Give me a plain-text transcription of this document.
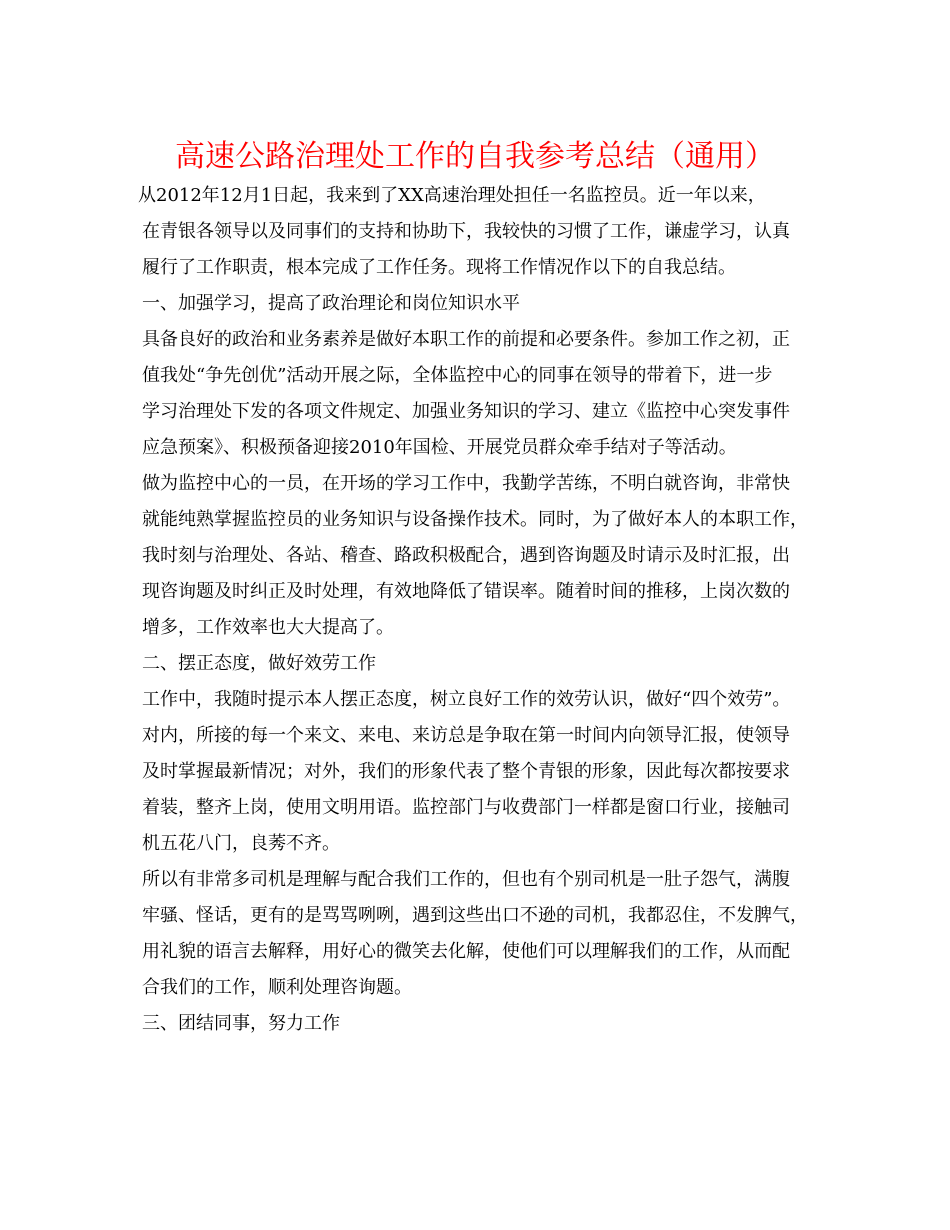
高速公路治理处工作的自我参考总结（通用）
从2012年12月1日起，我来到了XX高速治理处担任一名监控员。近一年以来，
在青银各领导以及同事们的支持和协助下，我较快的习惯了工作，谦虚学习，认真
履行了工作职责，根本完成了工作任务。现将工作情况作以下的自我总结。
一、加强学习，提高了政治理论和岗位知识水平
具备良好的政治和业务素养是做好本职工作的前提和必要条件。参加工作之初，正
值我处“争先创优”活动开展之际，全体监控中心的同事在领导的带着下，进一步
学习治理处下发的各项文件规定、加强业务知识的学习、建立《监控中心突发事件
应急预案》、积极预备迎接2010年国检、开展党员群众牵手结对子等活动。
做为监控中心的一员，在开场的学习工作中，我勤学苦练，不明白就咨询，非常快
就能纯熟掌握监控员的业务知识与设备操作技术。同时，为了做好本人的本职工作，
我时刻与治理处、各站、稽查、路政积极配合，遇到咨询题及时请示及时汇报，出
现咨询题及时纠正及时处理，有效地降低了错误率。随着时间的推移，上岗次数的
增多，工作效率也大大提高了。
二、摆正态度，做好效劳工作
工作中，我随时提示本人摆正态度，树立良好工作的效劳认识，做好“四个效劳”。
对内，所接的每一个来文、来电、来访总是争取在第一时间内向领导汇报，使领导
及时掌握最新情况；对外，我们的形象代表了整个青银的形象，因此每次都按要求
着装，整齐上岗，使用文明用语。监控部门与收费部门一样都是窗口行业，接触司
机五花八门，良莠不齐。
所以有非常多司机是理解与配合我们工作的，但也有个别司机是一肚子怨气，满腹
牢骚、怪话，更有的是骂骂咧咧，遇到这些出口不逊的司机，我都忍住，不发脾气，
用礼貌的语言去解释，用好心的微笑去化解，使他们可以理解我们的工作，从而配
合我们的工作，顺利处理咨询题。
三、团结同事，努力工作
